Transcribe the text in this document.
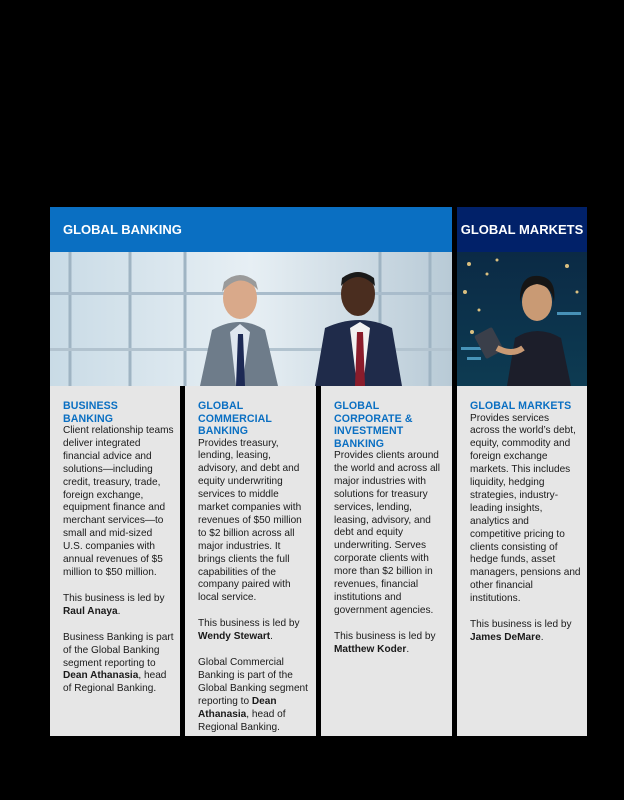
GLOBAL BANKING	GLOBAL MARKETS
BUSINESS
BANKING

Client relationship teams deliver integrated financial advice and solutions—including credit, treasury, trade, foreign exchange, equipment finance and merchant services—to small and mid-sized U.S. companies with annual revenues of $5 million to $50 million.

This business is led by
Raul Anaya.

Business Banking is part of the Global Banking segment reporting to Dean Athanasia, head of Regional Banking.

GLOBAL
COMMERCIAL
BANKING

Provides treasury, lending, leasing, advisory, and debt and equity underwriting services to middle market companies with revenues of $50 million to $2 billion across all major industries. It brings clients the full capabilities of the company paired with local service.

This business is led by
Wendy Stewart.

Global Commercial Banking is part of the Global Banking segment reporting to Dean Athanasia, head of Regional Banking.

GLOBAL
CORPORATE &
INVESTMENT
BANKING

Provides clients around the world and across all major industries with solutions for treasury services, lending, leasing, advisory, and debt and equity underwriting. Serves corporate clients with more than $2 billion in revenues, financial institutions and government agencies.

This business is led by
Matthew Koder.

GLOBAL MARKETS

Provides services across the world’s debt, equity, commodity and foreign exchange markets. This includes liquidity, hedging strategies, industry-leading insights, analytics and competitive pricing to clients consisting of hedge funds, asset managers, pensions and other financial institutions.

This business is led by
James DeMare.
